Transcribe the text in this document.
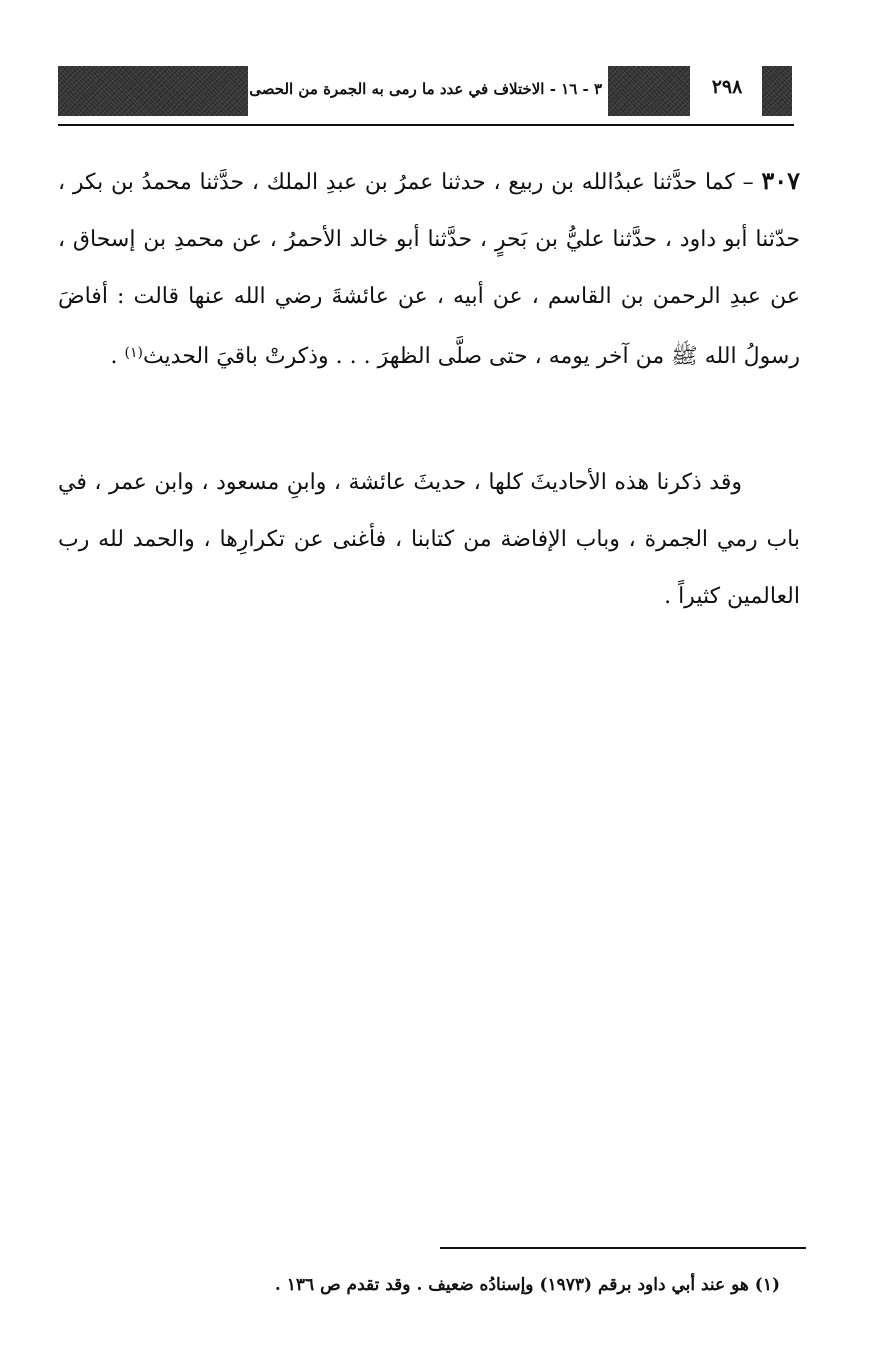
٣ - ١٦ - الاختلاف في عدد ما رمى به الجمرة من الحصى	٢٩٨

٣٠٧ – كما حدَّثنا عبدُالله بن ربيع ، حدثنا عمرُ بن عبدِ الملك ، حدَّثنا محمدُ بن بكر ، حدّثنا أبو داود ، حدَّثنا عليُّ بن بَحرٍ ، حدَّثنا أبو خالد الأحمرُ ، عن محمدِ بن إسحاق ، عن عبدِ الرحمن بن القاسم ، عن أبيه ، عن عائشةَ رضي الله عنها قالت : أفاضَ رسولُ الله ﷺ من آخر يومه ، حتى صلَّى الظهرَ . . . وذكرتْ باقيَ الحديث$^{(١)}$ .

وقد ذكرنا هذه الأحاديثَ كلها ، حديثَ عائشة ، وابنِ مسعود ، وابن عمر ، في باب رمي الجمرة ، وباب الإفاضة من كتابنا ، فأغنى عن تكرارِها ، والحمد لله رب العالمين كثيراً .

(١) هو عند أبي داود برقم (١٩٧٣) وإسنادُه ضعيف . وقد تقدم ص ١٣٦ .
